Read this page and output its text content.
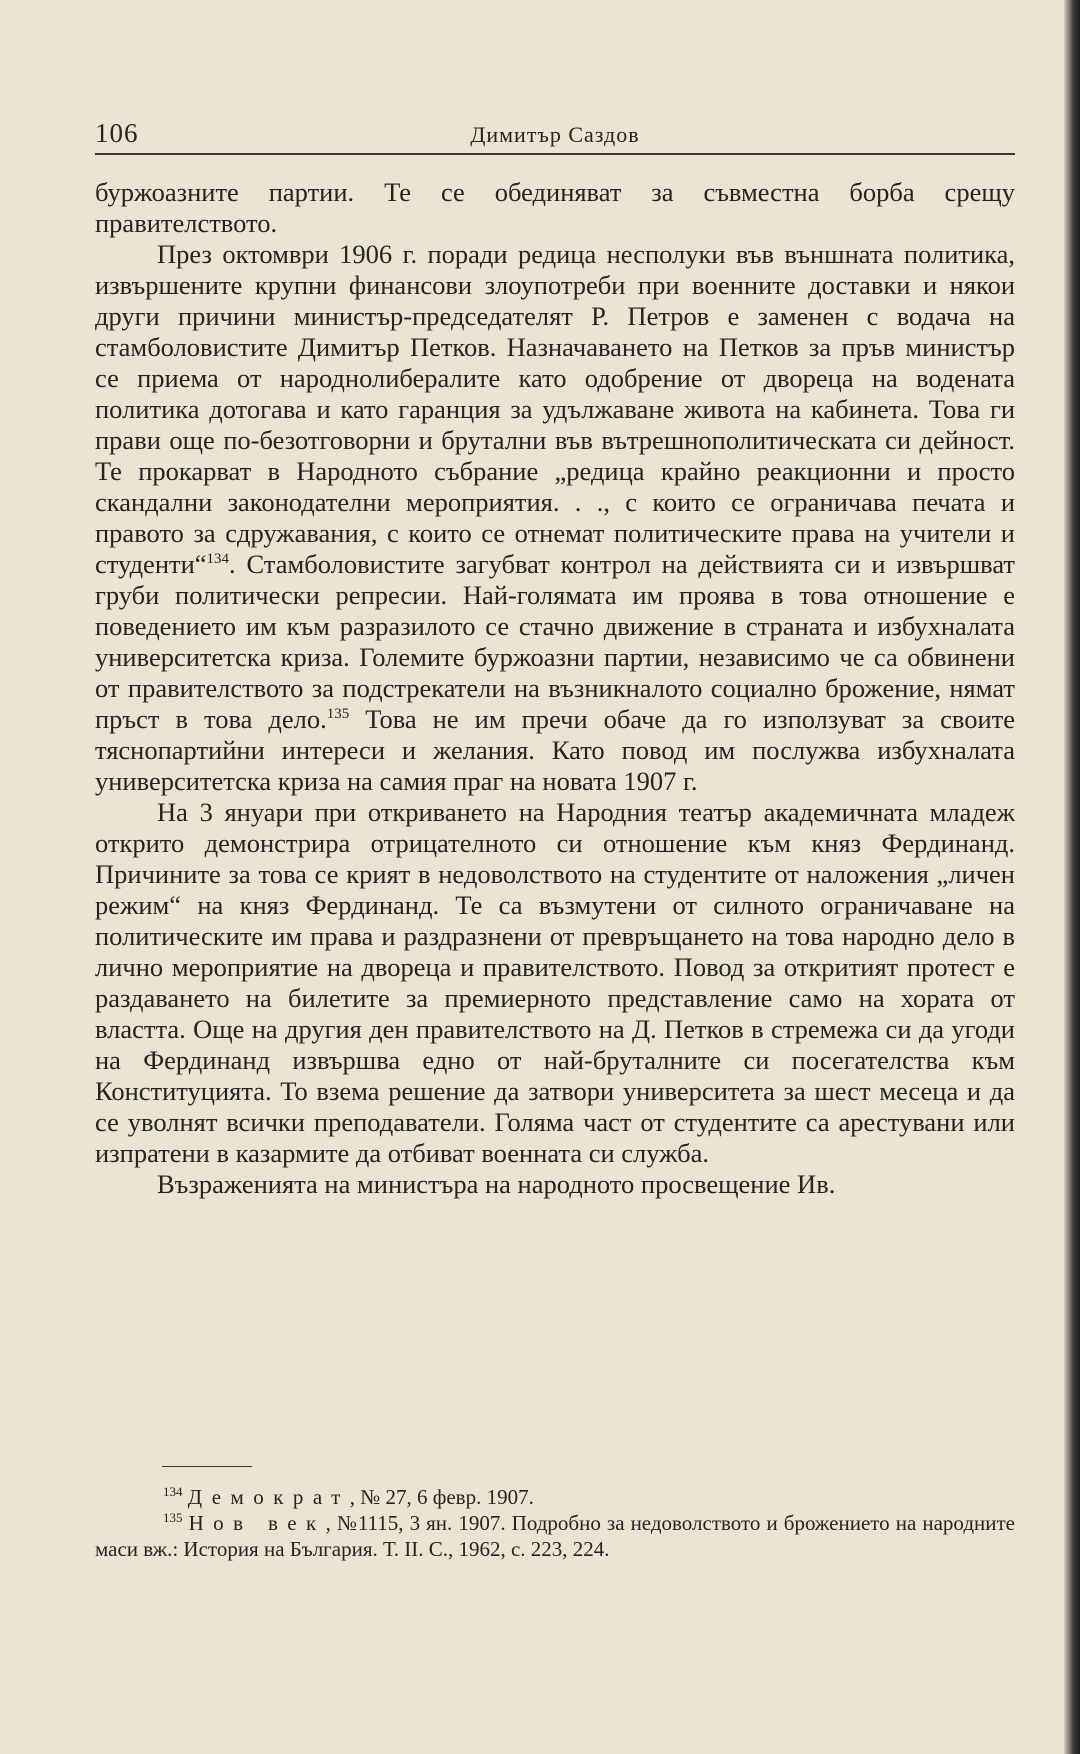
106	Димитър Саздов

буржоазните партии. Те се обединяват за съвместна борба срещу правителството.

През октомври 1906 г. поради редица несполуки във външната политика, извършените крупни финансови злоупотреби при военните доставки и някои други причини министър-председателят Р. Петров е заменен с водача на стамболовистите Димитър Петков. Назначаването на Петков за пръв министър се приема от народнолибералите като одобрение от двореца на водената политика дотогава и като гаранция за удължаване живота на кабинета. Това ги прави още по-безотговорни и брутални във вътрешнополитическата си дейност. Те прокарват в Народното събрание „редица крайно реакционни и просто скандални законодателни мероприятия. . ., с които се ограничава печата и правото за сдружавания, с които се отнемат политическите права на учители и студенти“$^{134}$. Стамболовистите загубват контрол на действията си и извършват груби политически репресии. Най-голямата им проява в това отношение е поведението им към разразилото се стачно движение в страната и избухналата университетска криза. Големите буржоазни партии, независимо че са обвинени от правителството за подстрекатели на възникналото социално брожение, нямат пръст в това дело.$^{135}$ Това не им пречи обаче да го използуват за своите тяснопартийни интереси и желания. Като повод им послужва избухналата университетска криза на самия праг на новата 1907 г.

На 3 януари при откриването на Народния театър академичната младеж открито демонстрира отрицателното си отношение към княз Фердинанд. Причините за това се крият в недоволството на студентите от наложения „личен режим“ на княз Фердинанд. Те са възмутени от силното ограничаване на политическите им права и раздразнени от превръщането на това народно дело в лично мероприятие на двореца и правителството. Повод за откритият протест е раздаването на билетите за премиерното представление само на хората от властта. Още на другия ден правителството на Д. Петков в стремежа си да угоди на Фердинанд извършва едно от най-бруталните си посегателства към Конституцията. То взема решение да затвори университета за шест месеца и да се уволнят всички преподаватели. Голяма част от студентите са арестувани или изпратени в казармите да отбиват военната си служба.

Възраженията на министъра на народното просвещение Ив.

$^{134}$ Демократ, № 27, 6 февр. 1907.

$^{135}$ Нов век, №1115, 3 ян. 1907. Подробно за недоволството и брожението на народните маси вж.: История на България. Т. II. С., 1962, с. 223, 224.
